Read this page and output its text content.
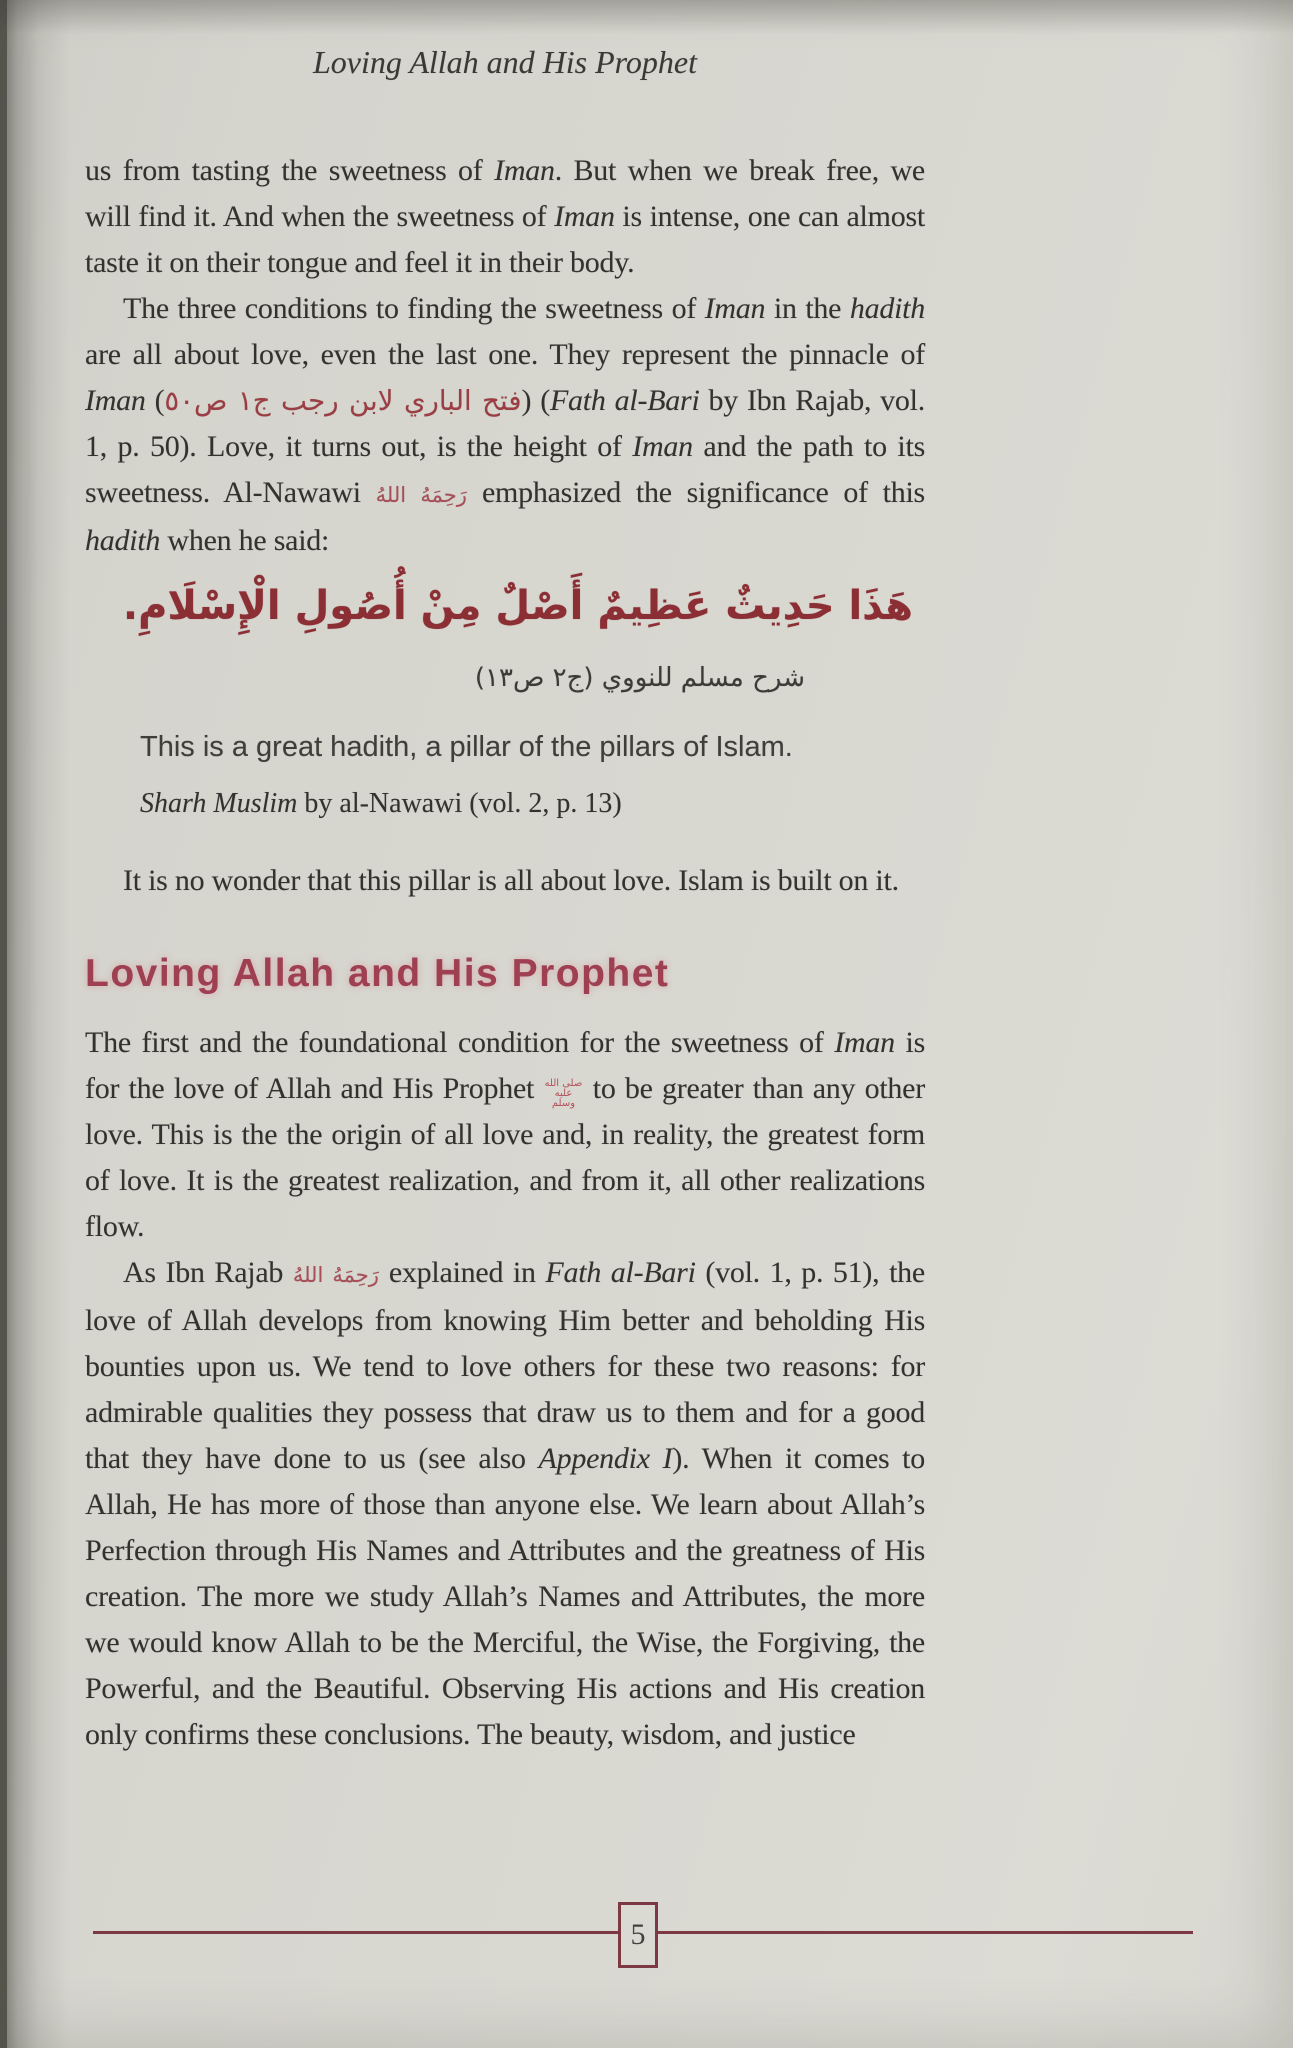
Loving Allah and His Prophet

us from tasting the sweetness of Iman. But when we break free, we will find it. And when the sweetness of Iman is intense, one can almost taste it on their tongue and feel it in their body.

The three conditions to finding the sweetness of Iman in the hadith are all about love, even the last one. They represent the pinnacle of Iman (فتح الباري لابن رجب ج١ ص٥٠) (Fath al-Bari by Ibn Rajab, vol. 1, p. 50). Love, it turns out, is the height of Iman and the path to its sweetness. Al-Nawawi رَحِمَهُ اللهُ emphasized the significance of this hadith when he said:

هَذَا حَدِيثٌ عَظِيمٌ أَصْلٌ مِنْ أُصُولِ الْإِسْلَامِ.
شرح مسلم للنووي (ج٢ ص١٣)
This is a great hadith, a pillar of the pillars of Islam.
Sharh Muslim by al-Nawawi (vol. 2, p. 13)

It is no wonder that this pillar is all about love. Islam is built on it.

Loving Allah and His Prophet

The first and the foundational condition for the sweetness of Iman is for the love of Allah and His Prophet صلى الله عليه وسلم to be greater than any other love. This is the the origin of all love and, in reality, the greatest form of love. It is the greatest realization, and from it, all other realizations flow.

As Ibn Rajab رَحِمَهُ اللهُ explained in Fath al-Bari (vol. 1, p. 51), the love of Allah develops from knowing Him better and beholding His bounties upon us. We tend to love others for these two reasons: for admirable qualities they possess that draw us to them and for a good that they have done to us (see also Appendix I). When it comes to Allah, He has more of those than anyone else. We learn about Allah’s Perfection through His Names and Attributes and the greatness of His creation. The more we study Allah’s Names and Attributes, the more we would know Allah to be the Merciful, the Wise, the Forgiving, the Powerful, and the Beautiful. Observing His actions and His creation only confirms these conclusions. The beauty, wisdom, and justice

5
